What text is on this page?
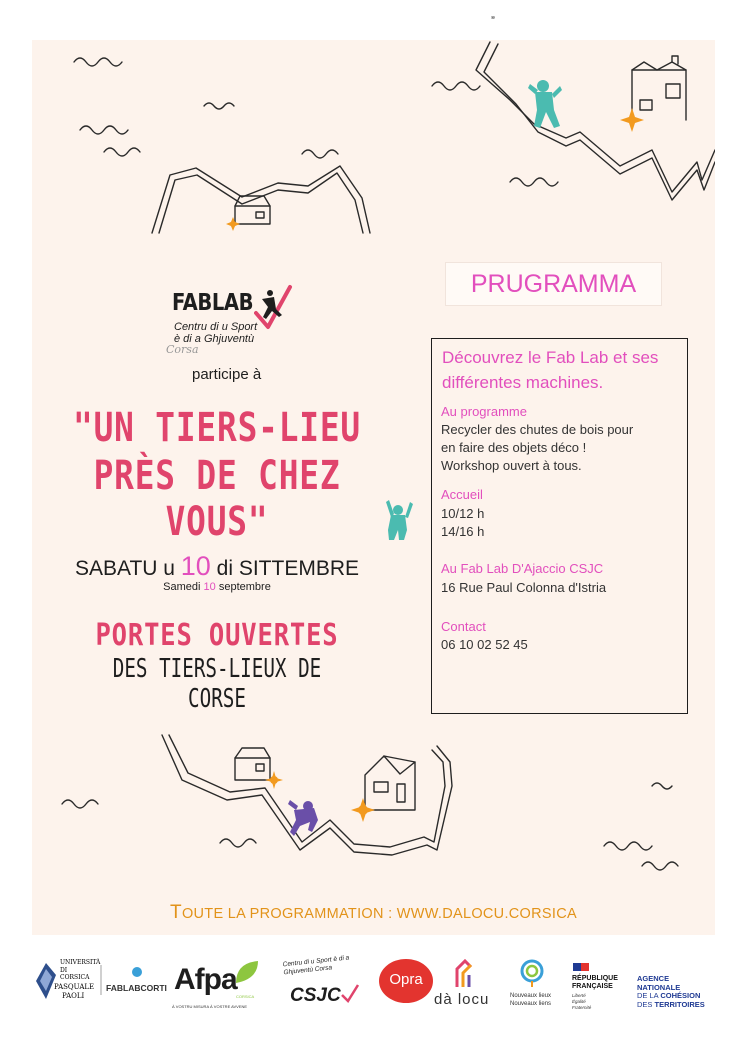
ˮ
PRUGRAMMA
FABLAB
Centru di u Sport
è di a Ghjuventù
Corsa
participe à
"UN TIERS-LIEU
PRÈS DE CHEZ VOUS"
SABATU u 10 di SITTEMBRE
Samedi 10 septembre
PORTES OUVERTES
DES TIERS-LIEUX DE CORSE
Découvrez le Fab Lab et ses différentes machines.
Au programme
Recycler des chutes de bois pour
en faire des objets déco !
Workshop ouvert à tous.
Accueil
10/12 h
14/16 h
Au Fab Lab D'Ajaccio CSJC
16 Rue Paul Colonna d'Istria
Contact
06 10 02 52 45
TOUTE LA PROGRAMMATION : WWW.DALOCU.CORSICA
UNIVERSITÀ
DI CORSICA
PASQUALE
PAOLI
FABLABCORTI Afpa
CORSICA
À VOSTRU MISURA À VOSTRE AVVENE
Centru di u Sport è di a Ghjuventù Corsa
CSJC
Opra
dà locu	Nouveaux lieux
Nouveaux liens
RÉPUBLIQUE
FRANÇAISE
Liberté
Égalité
Fraternité
AGENCE
NATIONALE
DE LA COHÉSION
DES TERRITOIRES
